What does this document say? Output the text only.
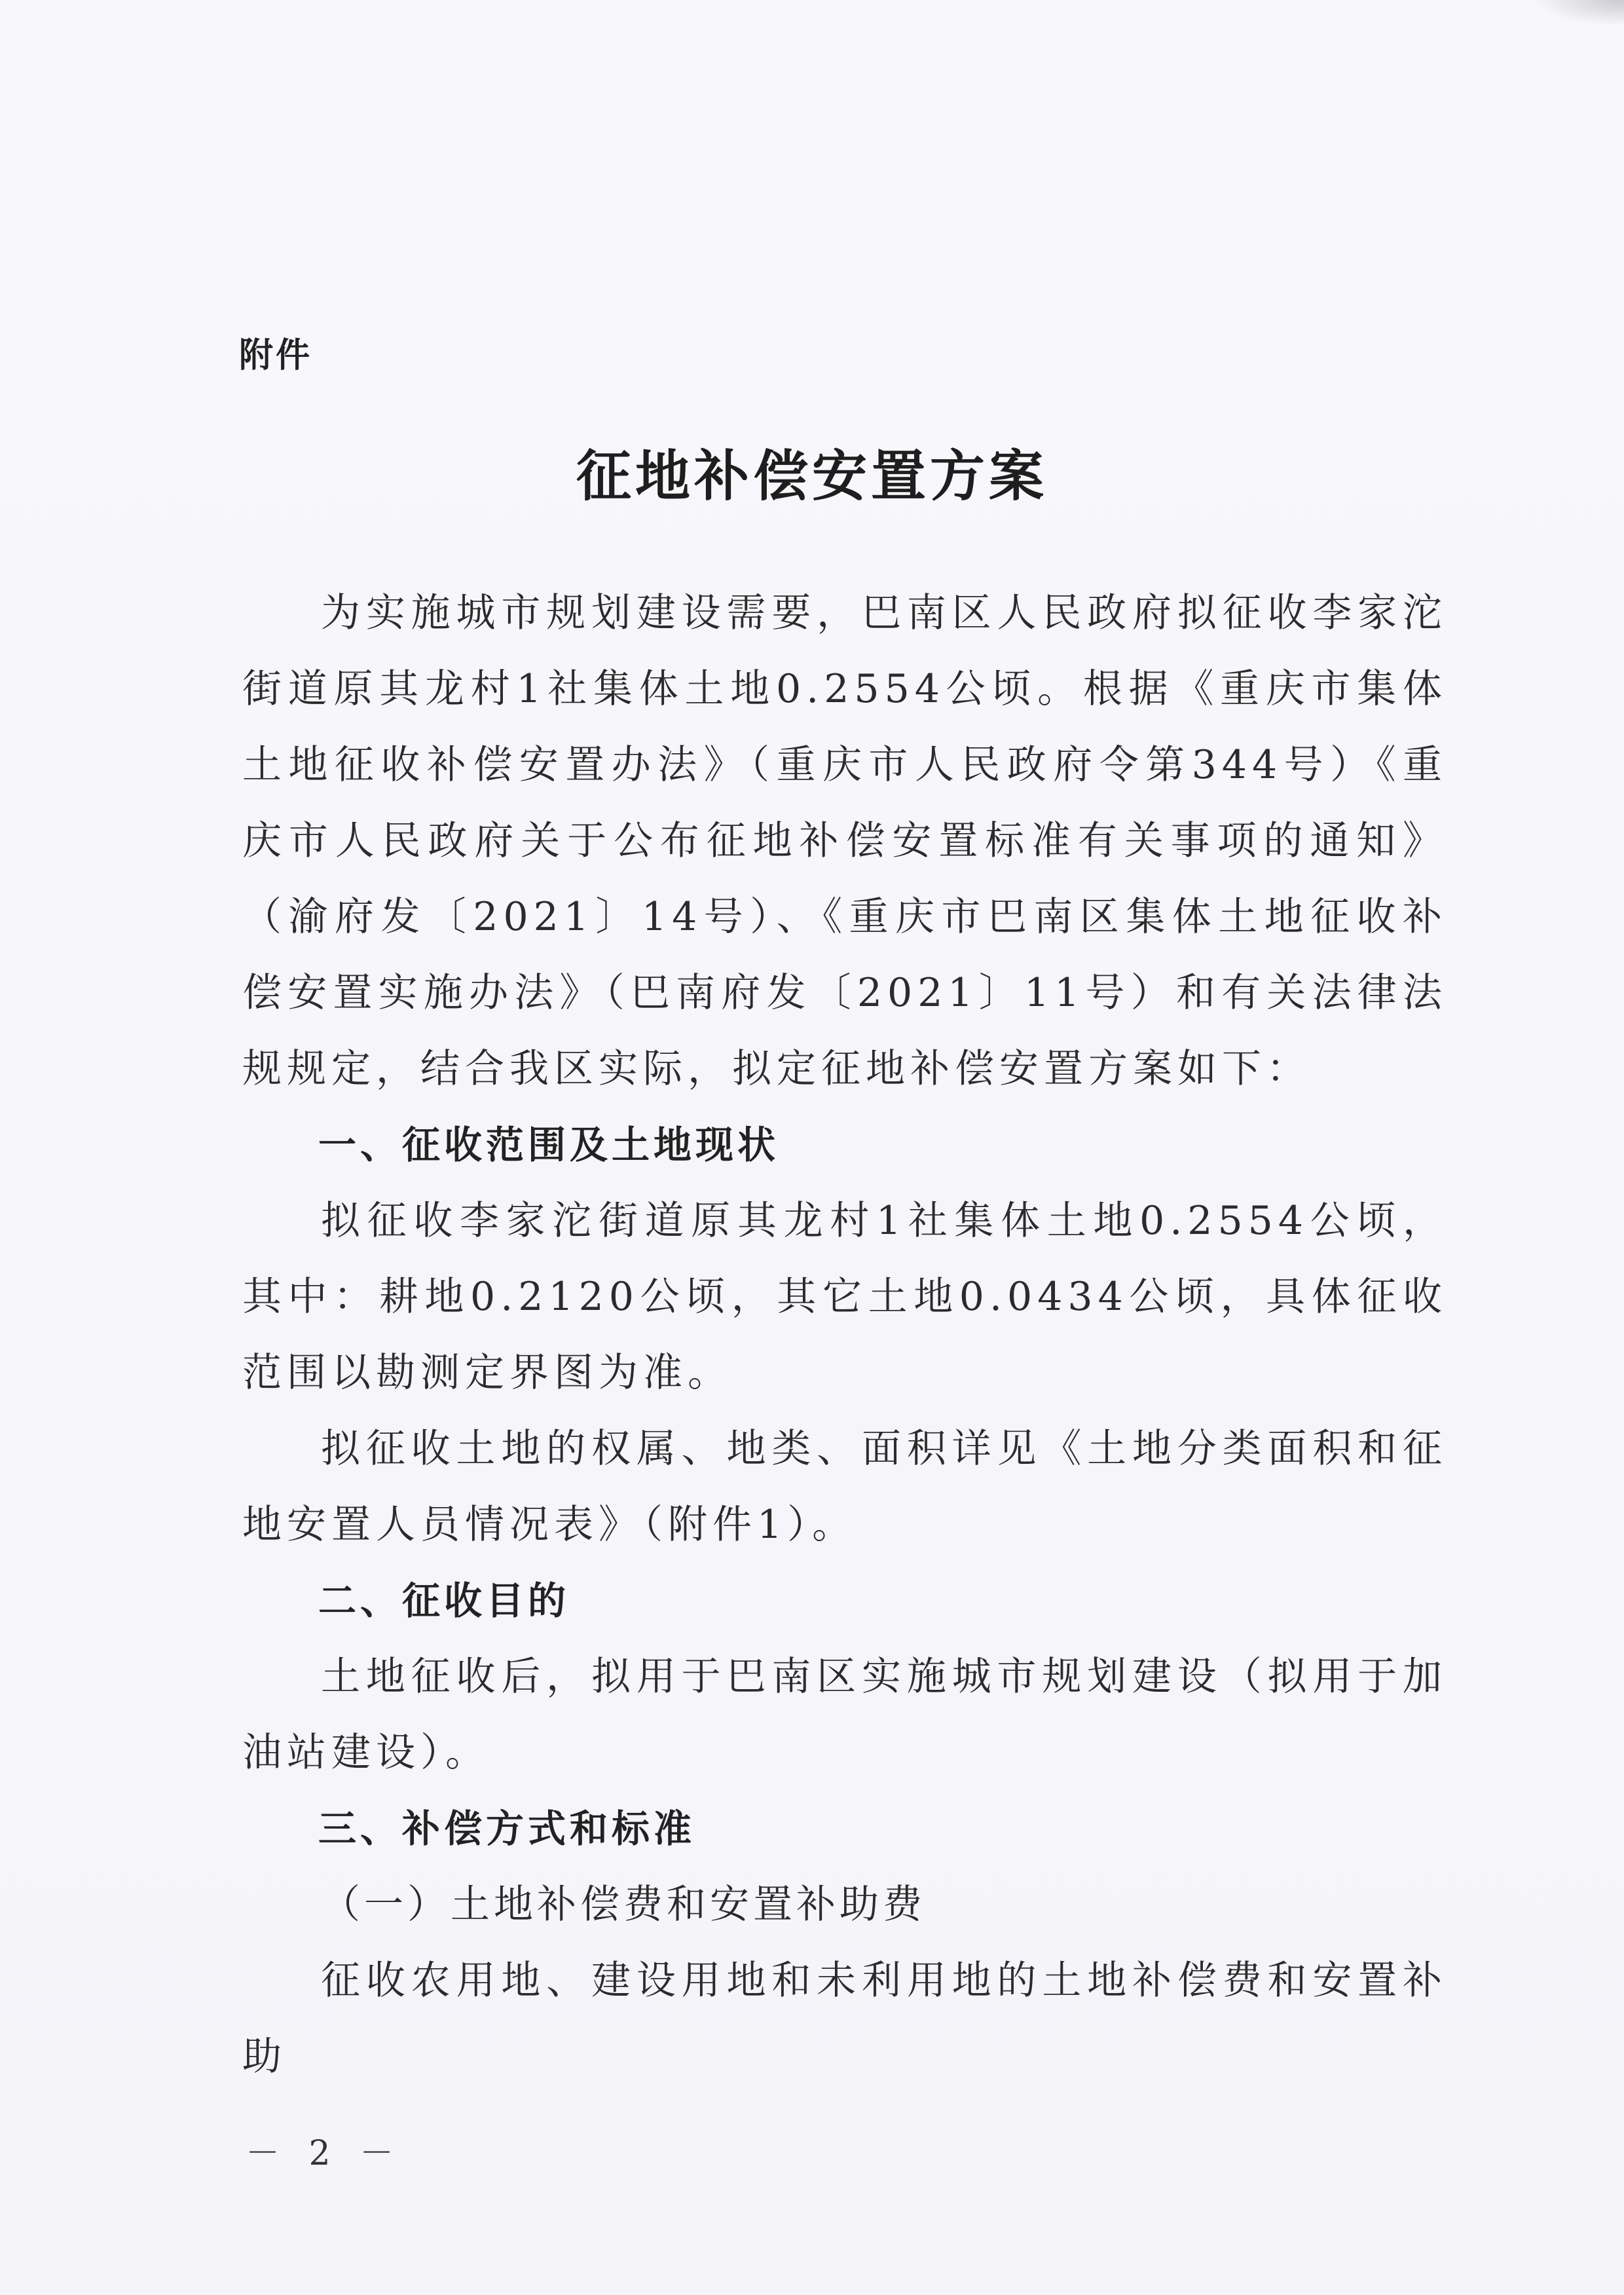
附件
征地补偿安置方案

为实施城市规划建设需要，巴南区人民政府拟征收李家沱街道原其龙村1社集体土地0.2554公顷。根据《重庆市集体土地征收补偿安置办法》（重庆市人民政府令第344号）《重庆市人民政府关于公布征地补偿安置标准有关事项的通知》（渝府发〔2021〕14号）、《重庆市巴南区集体土地征收补偿安置实施办法》（巴南府发〔2021〕11号）和有关法律法规规定，结合我区实际，拟定征地补偿安置方案如下：

一、征收范围及土地现状

拟征收李家沱街道原其龙村1社集体土地0.2554公顷，其中：耕地0.2120公顷，其它土地0.0434公顷，具体征收范围以勘测定界图为准。

拟征收土地的权属、地类、面积详见《土地分类面积和征地安置人员情况表》（附件1）。

二、征收目的

土地征收后，拟用于巴南区实施城市规划建设（拟用于加油站建设）。

三、补偿方式和标准
（一）土地补偿费和安置补助费

征收农用地、建设用地和未利用地的土地补偿费和安置补助

－ 2 －
